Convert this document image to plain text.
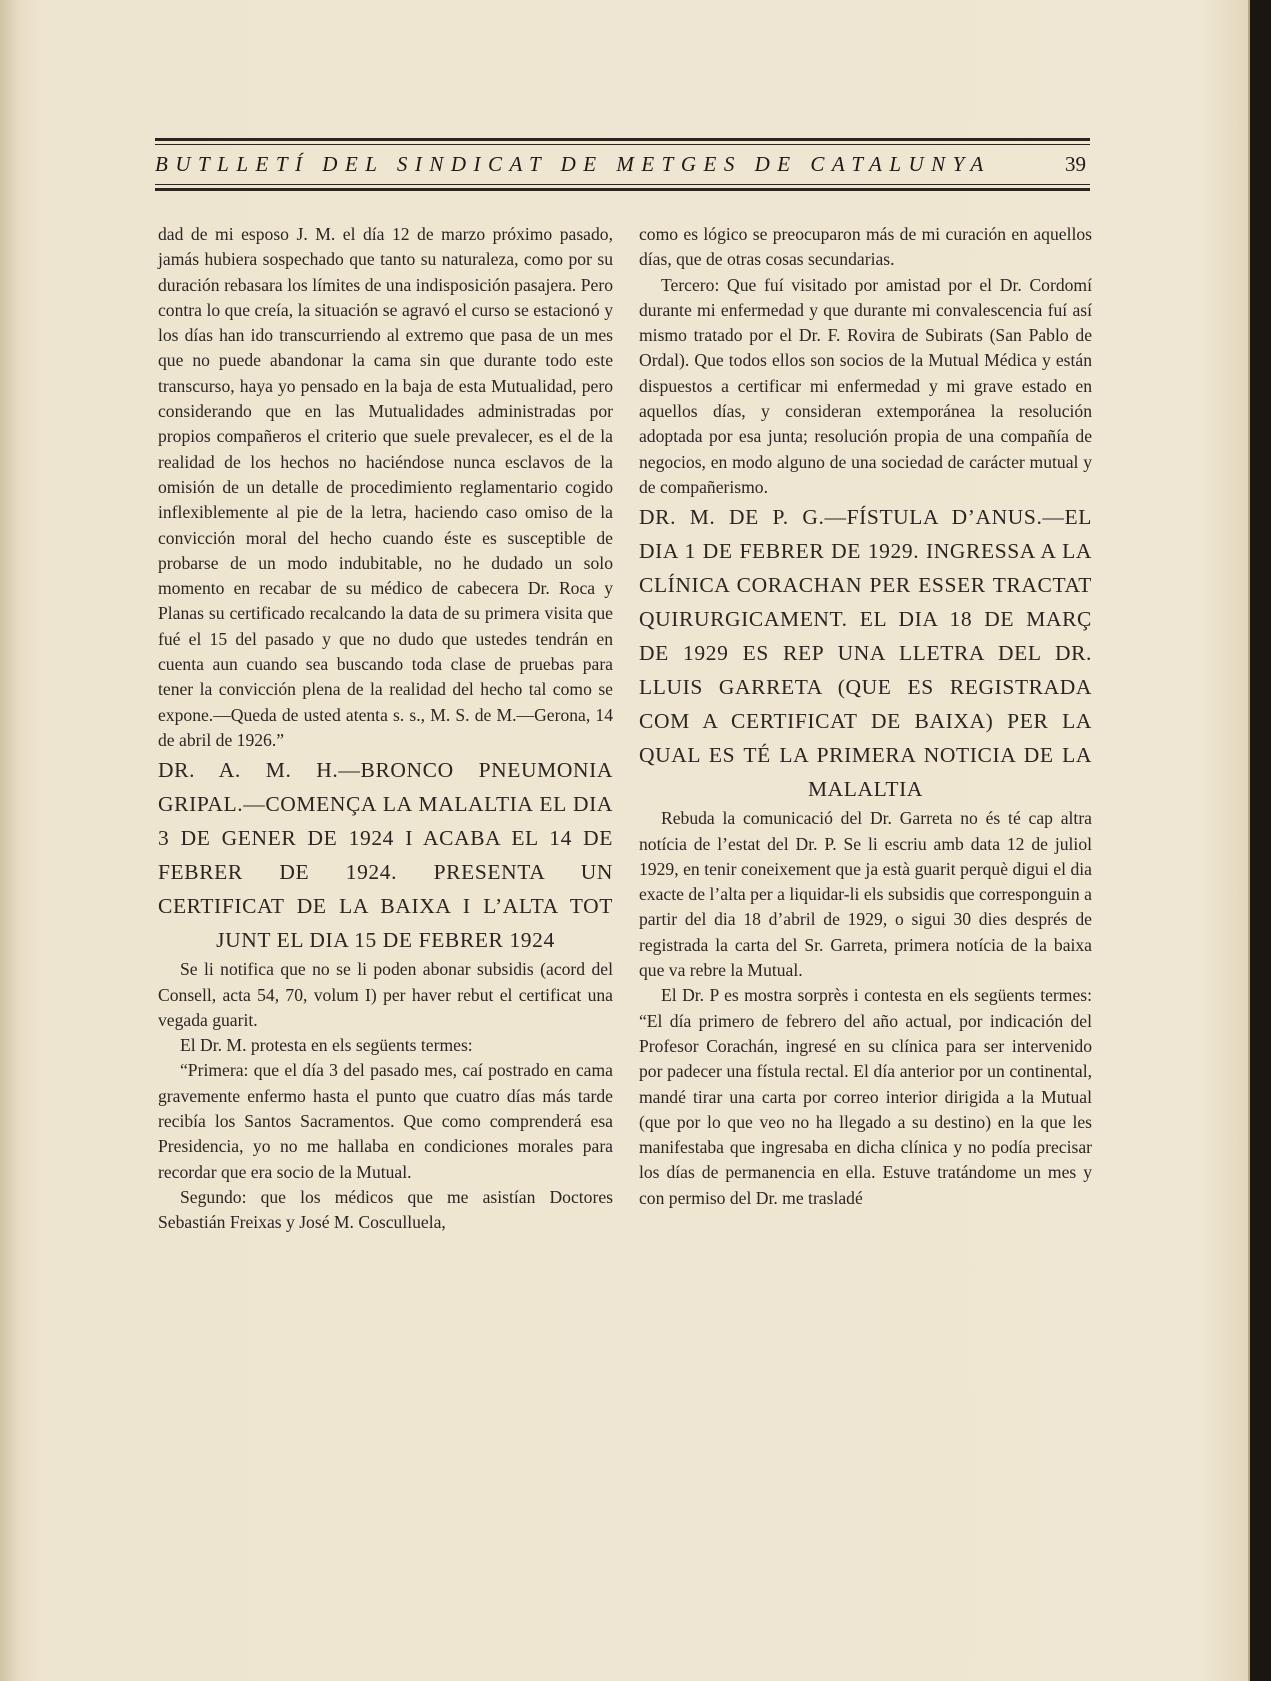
BUTLLETÍ DEL SINDICAT DE METGES DE CATALUNYA	39

dad de mi esposo J. M. el día 12 de marzo próximo pasado, jamás hubiera sospechado que tanto su naturaleza, como por su duración rebasara los límites de una indisposición pasajera. Pero contra lo que creía, la situación se agravó el curso se estacionó y los días han ido transcurriendo al extremo que pasa de un mes que no puede abandonar la cama sin que durante todo este transcurso, haya yo pensado en la baja de esta Mutualidad, pero considerando que en las Mutualidades administradas por propios compañeros el criterio que suele prevalecer, es el de la realidad de los hechos no haciéndose nunca esclavos de la omisión de un detalle de procedimiento reglamentario cogido inflexiblemente al pie de la letra, haciendo caso omiso de la convicción moral del hecho cuando éste es susceptible de probarse de un modo indubitable, no he dudado un solo momento en recabar de su médico de cabecera Dr. Roca y Planas su certificado recalcando la data de su primera visita que fué el 15 del pasado y que no dudo que ustedes tendrán en cuenta aun cuando sea buscando toda clase de pruebas para tener la convicción plena de la realidad del hecho tal como se expone.—Queda de usted atenta s. s., M. S. de M.—Gerona, 14 de abril de 1926.”

DR. A. M. H.—BRONCO PNEUMONIA GRIPAL.—COMENÇA LA MALALTIA EL DIA 3 DE GENER DE 1924 I ACABA EL 14 DE FEBRER DE 1924. PRESENTA UN CERTIFICAT DE LA BAIXA I L’ALTA TOT JUNT EL DIA 15 DE FEBRER 1924

Se li notifica que no se li poden abonar subsidis (acord del Consell, acta 54, 70, volum I) per haver rebut el certificat una vegada guarit.

El Dr. M. protesta en els següents termes:

“Primera: que el día 3 del pasado mes, caí postrado en cama gravemente enfermo hasta el punto que cuatro días más tarde recibía los Santos Sacramentos. Que como comprenderá esa Presidencia, yo no me hallaba en condiciones morales para recordar que era socio de la Mutual.

Segundo: que los médicos que me asistían Doctores Sebastián Freixas y José M. Cosculluela,

como es lógico se preocuparon más de mi curación en aquellos días, que de otras cosas secundarias.

Tercero: Que fuí visitado por amistad por el Dr. Cordomí durante mi enfermedad y que durante mi convalescencia fuí así mismo tratado por el Dr. F. Rovira de Subirats (San Pablo de Ordal). Que todos ellos son socios de la Mutual Médica y están dispuestos a certificar mi enfermedad y mi grave estado en aquellos días, y consideran extemporánea la resolución adoptada por esa junta; resolución propia de una compañía de negocios, en modo alguno de una sociedad de carácter mutual y de compañerismo.

DR. M. DE P. G.—FÍSTULA D’ANUS.—EL DIA 1 DE FEBRER DE 1929. INGRESSA A LA CLÍNICA CORACHAN PER ESSER TRACTAT QUIRURGICAMENT. EL DIA 18 DE MARÇ DE 1929 ES REP UNA LLETRA DEL DR. LLUIS GARRETA (QUE ES REGISTRADA COM A CERTIFICAT DE BAIXA) PER LA QUAL ES TÉ LA PRIMERA NOTICIA DE LA MALALTIA

Rebuda la comunicació del Dr. Garreta no és té cap altra notícia de l’estat del Dr. P. Se li escriu amb data 12 de juliol 1929, en tenir coneixement que ja està guarit perquè digui el dia exacte de l’alta per a liquidar-li els subsidis que corresponguin a partir del dia 18 d’abril de 1929, o sigui 30 dies després de registrada la carta del Sr. Garreta, primera notícia de la baixa que va rebre la Mutual.

El Dr. P es mostra sorprès i contesta en els següents termes: “El día primero de febrero del año actual, por indicación del Profesor Corachán, ingresé en su clínica para ser intervenido por padecer una fístula rectal. El día anterior por un continental, mandé tirar una carta por correo interior dirigida a la Mutual (que por lo que veo no ha llegado a su destino) en la que les manifestaba que ingresaba en dicha clínica y no podía precisar los días de permanencia en ella. Estuve tratándome un mes y con permiso del Dr. me trasladé
